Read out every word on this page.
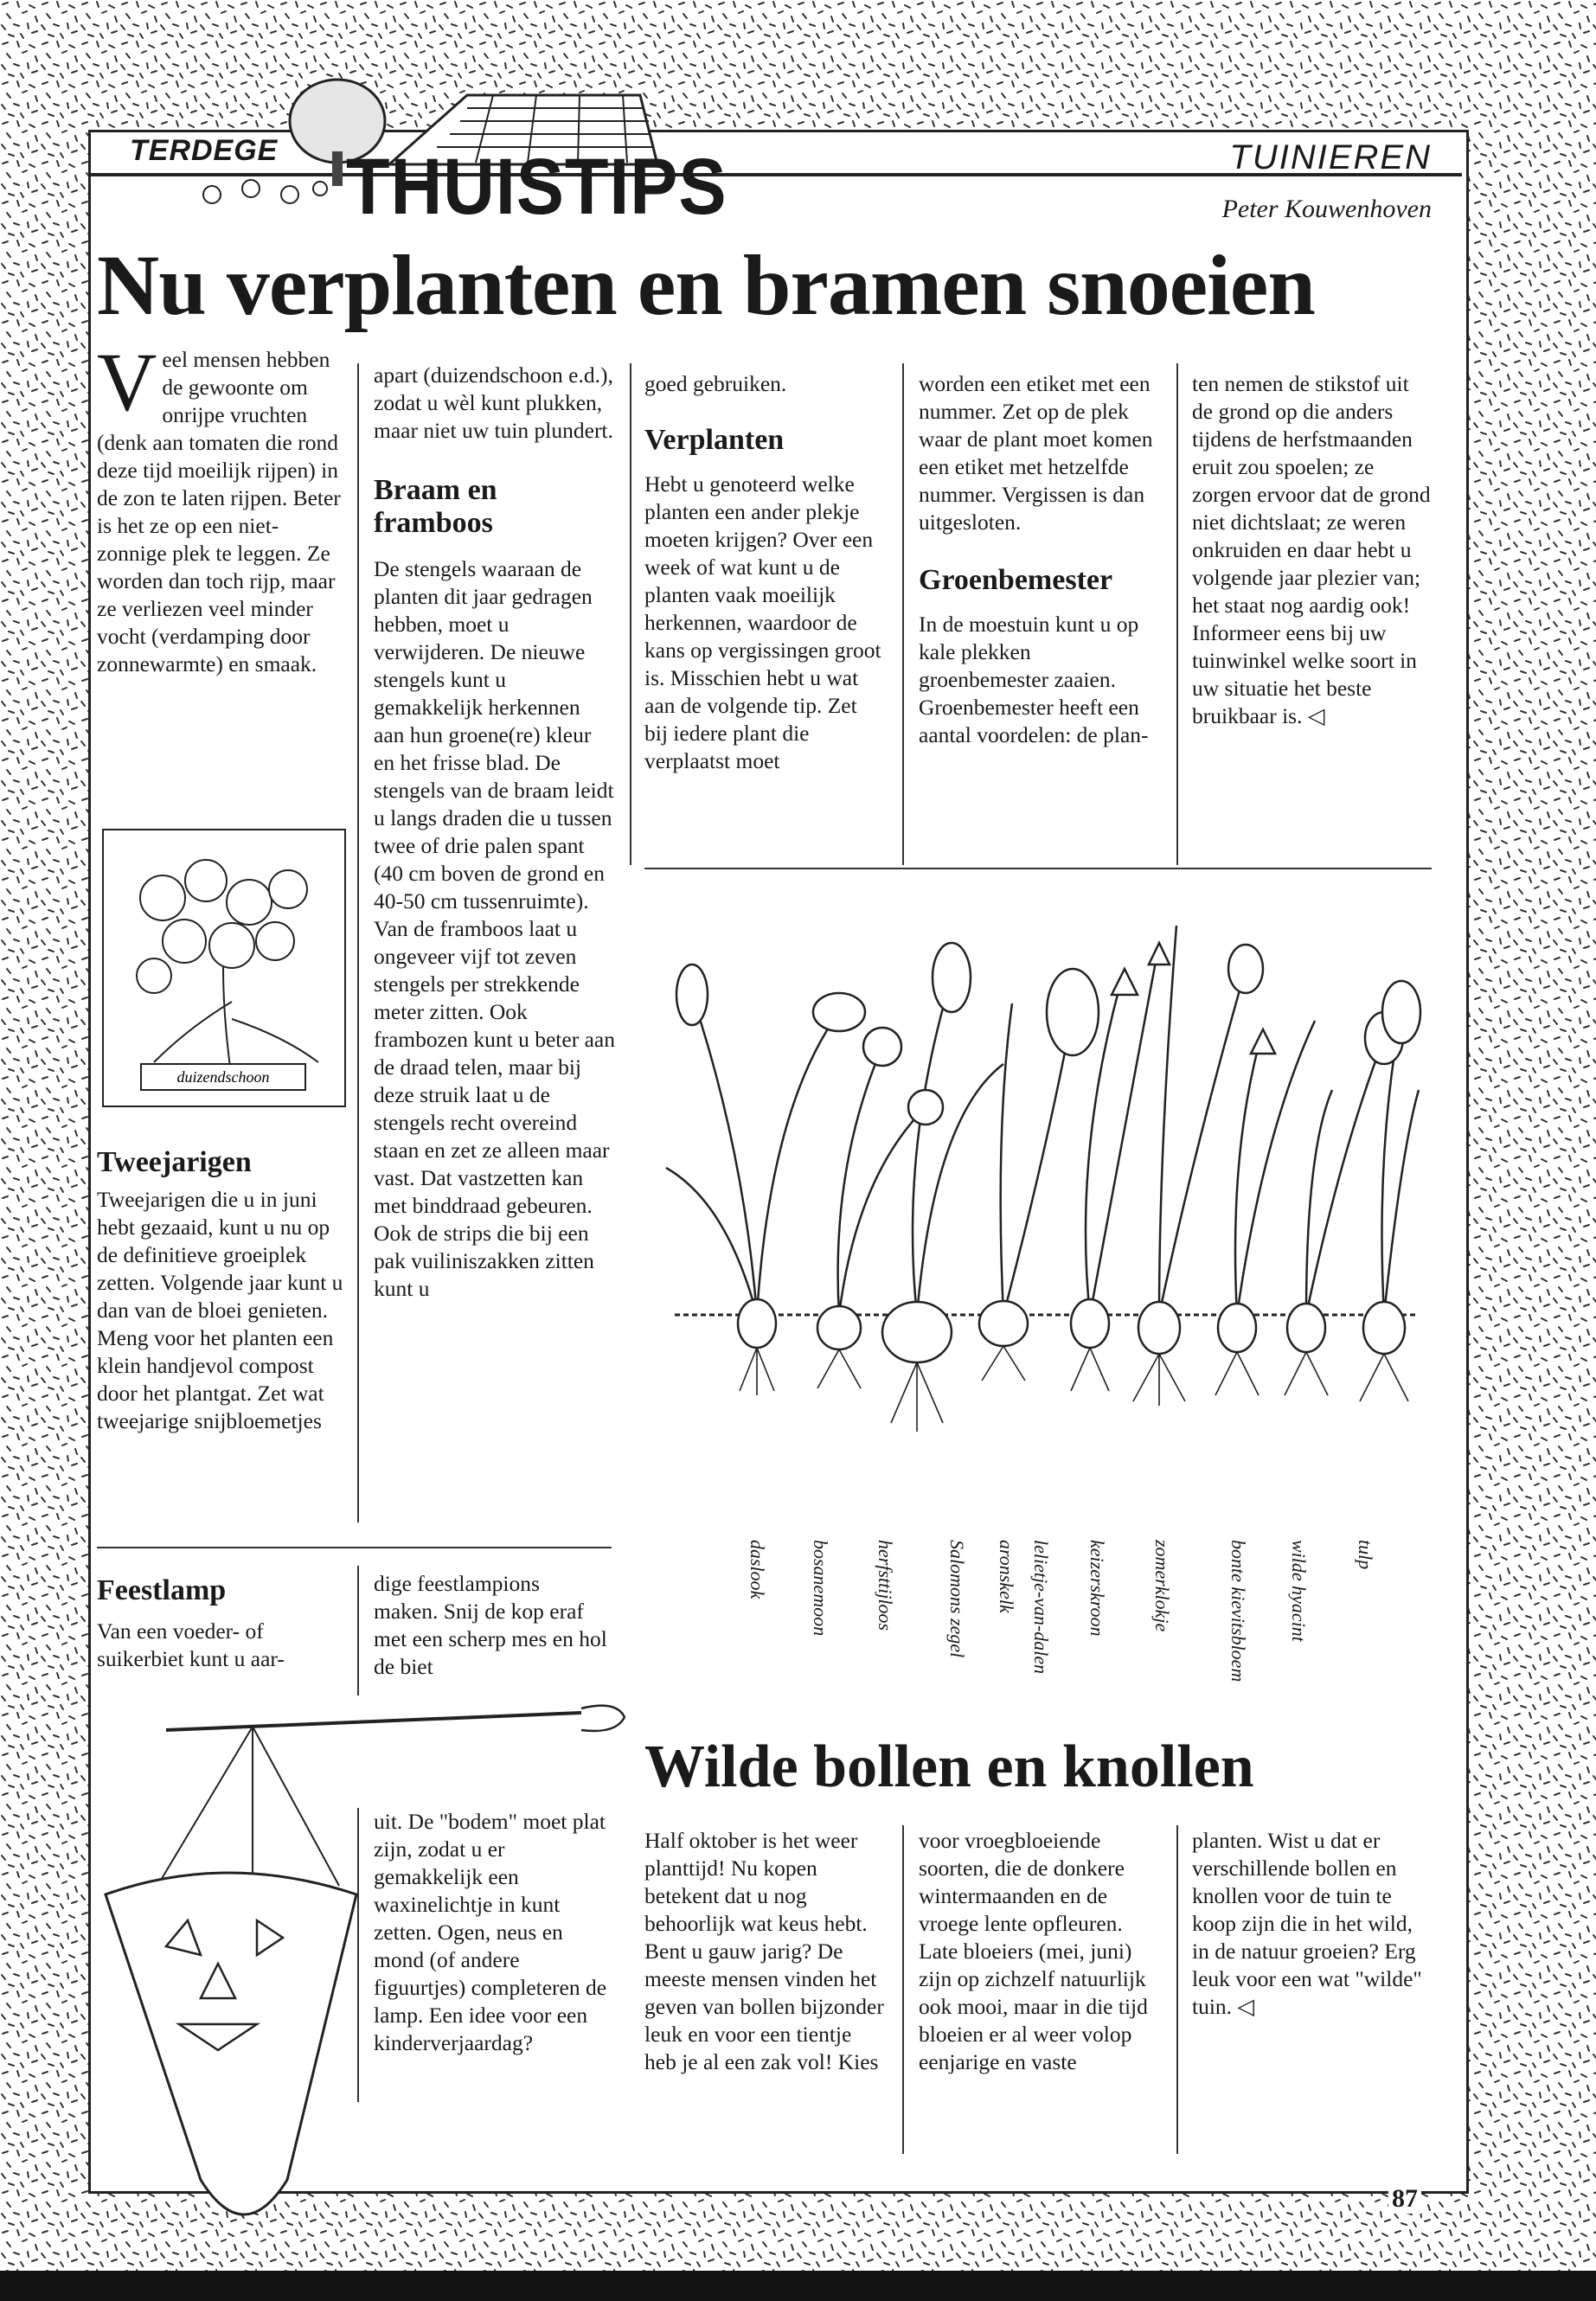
TERDEGE THUISTIPS	TUINIEREN
Peter Kouwenhoven
Nu verplanten en bramen snoeien

Veel mensen hebben de gewoonte om onrijpe vruchten (denk aan tomaten die rond deze tijd moeilijk rijpen) in de zon te laten rijpen. Beter is het ze op een niet-zonnige plek te leggen. Ze worden dan toch rijp, maar ze verliezen veel minder vocht (verdamping door zonnewarmte) en smaak.

duizendschoon

Tweejarigen

Tweejarigen die u in juni hebt gezaaid, kunt u nu op de definitieve groeiplek zetten. Volgende jaar kunt u dan van de bloei genieten. Meng voor het planten een klein handjevol compost door het plantgat. Zet wat tweejarige snijbloemetjes

apart (duizendschoon e.d.), zodat u wèl kunt plukken, maar niet uw tuin plundert.

Braam en framboos

De stengels waaraan de planten dit jaar gedragen hebben, moet u verwijderen. De nieuwe stengels kunt u gemakkelijk herkennen aan hun groene(re) kleur en het frisse blad. De stengels van de braam leidt u langs draden die u tussen twee of drie palen spant (40 cm boven de grond en 40-50 cm tussenruimte). Van de framboos laat u ongeveer vijf tot zeven stengels per strekkende meter zitten. Ook frambozen kunt u beter aan de draad telen, maar bij deze struik laat u de stengels recht overeind staan en zet ze alleen maar vast. Dat vastzetten kan met binddraad gebeuren. Ook de strips die bij een pak vuiliniszakken zitten kunt u

goed gebruiken.

Verplanten

Hebt u genoteerd welke planten een ander plekje moeten krijgen? Over een week of wat kunt u de planten vaak moeilijk herkennen, waardoor de kans op vergissingen groot is. Misschien hebt u wat aan de volgende tip. Zet bij iedere plant die verplaatst moet

worden een etiket met een nummer. Zet op de plek waar de plant moet komen een etiket met hetzelfde nummer. Vergissen is dan uitgesloten.

Groenbemester

In de moestuin kunt u op kale plekken groenbemester zaaien. Groenbemester heeft een aantal voordelen: de plan-

ten nemen de stikstof uit de grond op die anders tijdens de herfstmaanden eruit zou spoelen; ze zorgen ervoor dat de grond niet dichtslaat; ze weren onkruiden en daar hebt u volgende jaar plezier van; het staat nog aardig ook! Informeer eens bij uw tuinwinkel welke soort in uw situatie het beste bruikbaar is. ◁

daslook bosanemoon herfsttijloos	Salomons zegel aronskelk lelietje-van-dalen keizerskroon zomerklokje	bonte kievitsbloem wilde hyacint tulp

Feestlamp

Van een voeder- of suikerbiet kunt u aar-

dige feestlampions maken. Snij de kop eraf met een scherp mes en hol de biet

uit. De "bodem" moet plat zijn, zodat u er gemakkelijk een waxinelichtje in kunt zetten. Ogen, neus en mond (of andere figuurtjes) completeren de lamp. Een idee voor een kinderverjaardag?

Wilde bollen en knollen

Half oktober is het weer planttijd! Nu kopen betekent dat u nog behoorlijk wat keus hebt. Bent u gauw jarig? De meeste mensen vinden het geven van bollen bijzonder leuk en voor een tientje heb je al een zak vol! Kies

voor vroegbloeiende soorten, die de donkere wintermaanden en de vroege lente opfleuren. Late bloeiers (mei, juni) zijn op zichzelf natuurlijk ook mooi, maar in die tijd bloeien er al weer volop eenjarige en vaste

planten. Wist u dat er verschillende bollen en knollen voor de tuin te koop zijn die in het wild, in de natuur groeien? Erg leuk voor een wat "wilde" tuin. ◁

87
